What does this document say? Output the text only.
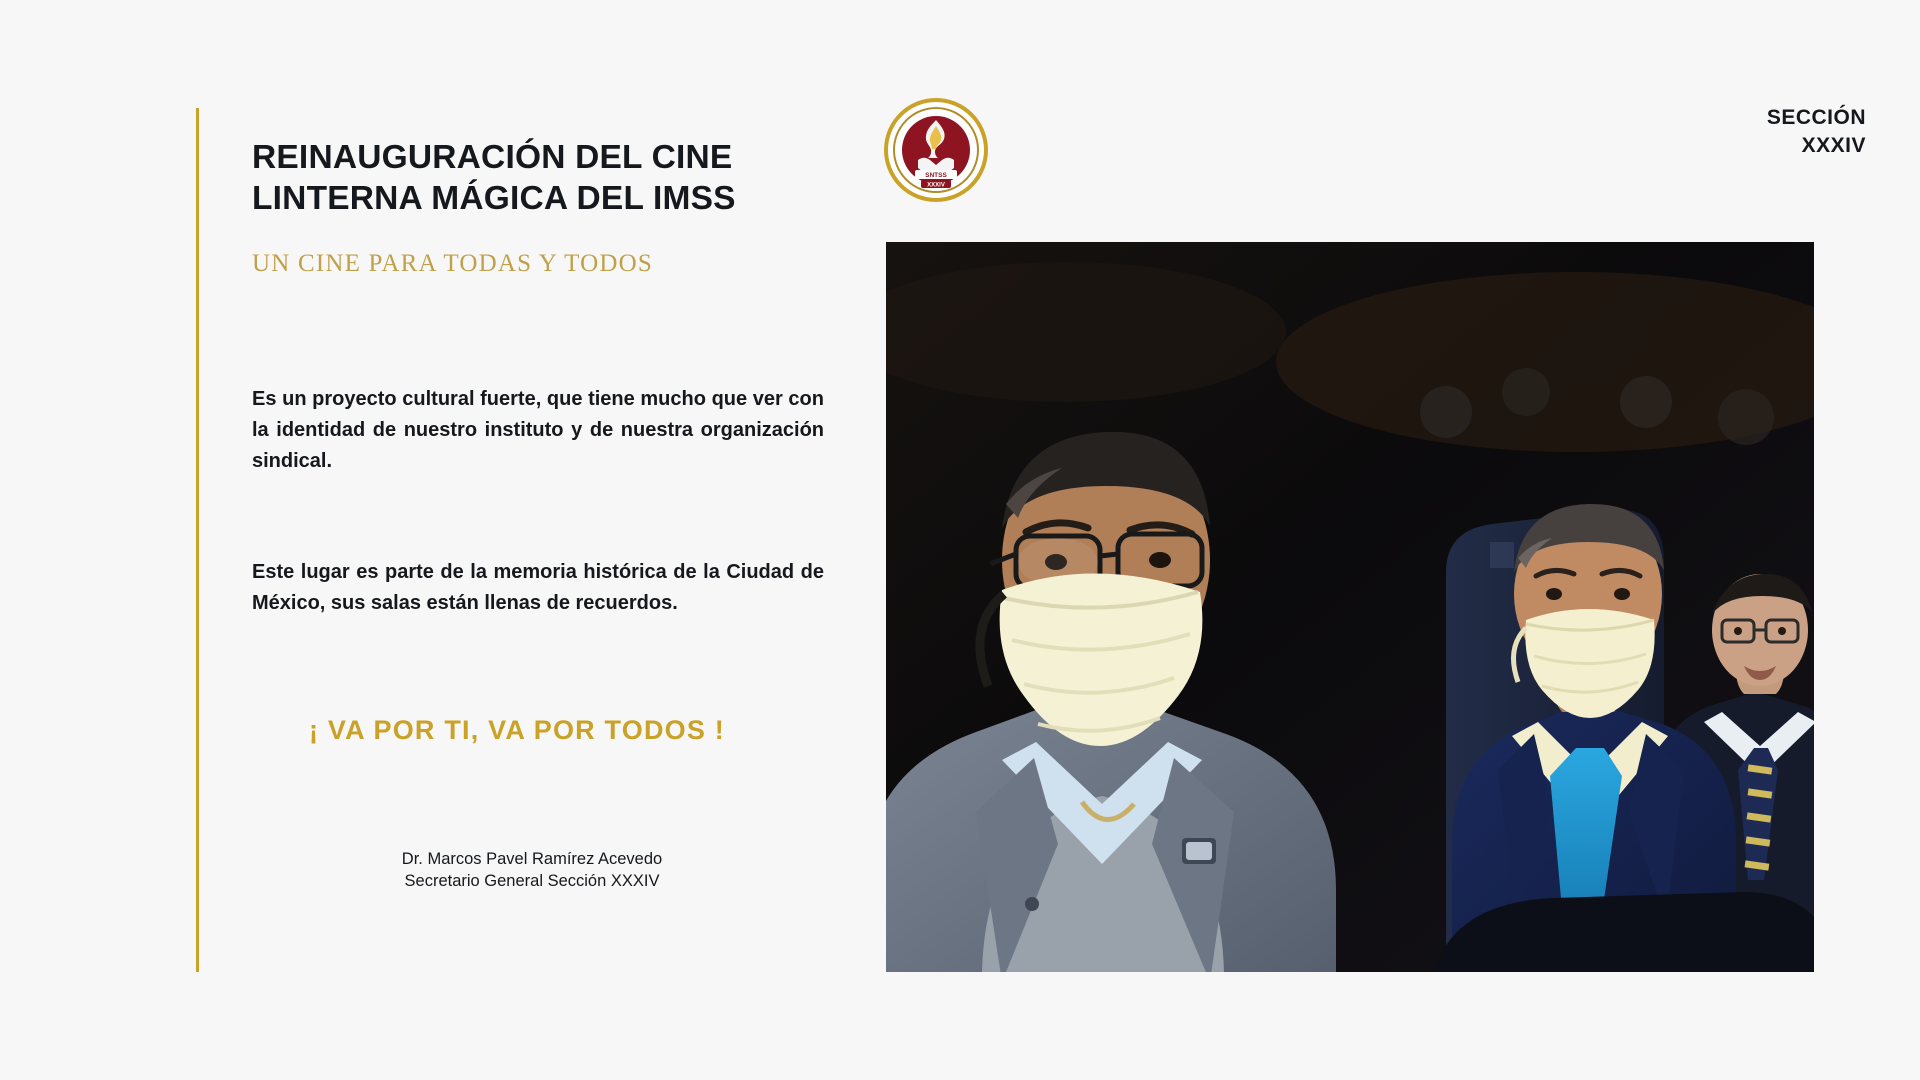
SNTSS
XXXIV
SECCIÓN
XXXIV
REINAUGURACIÓN DEL CINE LINTERNA MÁGICA DEL IMSS
UN CINE PARA TODAS Y TODOS

Es un proyecto cultural fuerte, que tiene mucho que ver con la identidad de nuestro instituto y de nuestra organización sindical.

Este lugar es parte de la memoria histórica de la Ciudad de México, sus salas están llenas de recuerdos.

¡ VA POR TI, VA POR TODOS !
Dr. Marcos Pavel Ramírez Acevedo
Secretario General Sección XXXIV
